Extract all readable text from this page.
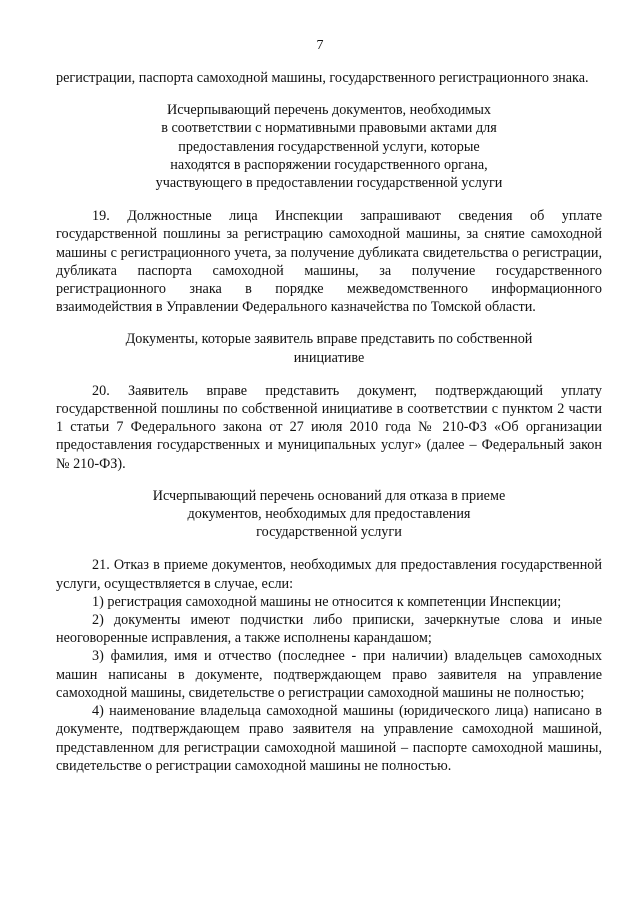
7

регистрации, паспорта самоходной машины, государственного регистрационного знака.

Исчерпывающий перечень документов, необходимых
в соответствии с нормативными правовыми актами для
предоставления государственной услуги, которые
находятся в распоряжении государственного органа,
участвующего в предоставлении государственной услуги

19. Должностные лица Инспекции запрашивают сведения об уплате государственной пошлины за регистрацию самоходной машины, за снятие самоходной машины с регистрационного учета, за получение дубликата свидетельства о регистрации, дубликата паспорта самоходной машины, за получение государственного регистрационного знака в порядке межведомственного информационного взаимодействия в Управлении Федерального казначейства по Томской области.

Документы, которые заявитель вправе представить по собственной
инициативе

20. Заявитель вправе представить документ, подтверждающий уплату государственной пошлины по собственной инициативе в соответствии с пунктом 2 части 1 статьи 7 Федерального закона от 27 июля 2010 года № 210-ФЗ «Об организации предоставления государственных и муниципальных услуг» (далее – Федеральный закон № 210-ФЗ).

Исчерпывающий перечень оснований для отказа в приеме
документов, необходимых для предоставления
государственной услуги

21. Отказ в приеме документов, необходимых для предоставления государственной услуги, осуществляется в случае, если:

1) регистрация самоходной машины не относится к компетенции Инспекции;

2) документы имеют подчистки либо приписки, зачеркнутые слова и иные неоговоренные исправления, а также исполнены карандашом;

3) фамилия, имя и отчество (последнее - при наличии) владельцев самоходных машин написаны в документе, подтверждающем право заявителя на управление самоходной машины, свидетельстве о регистрации самоходной машины не полностью;

4) наименование владельца самоходной машины (юридического лица) написано в документе, подтверждающем право заявителя на управление самоходной машиной, представленном для регистрации самоходной машиной – паспорте самоходной машины, свидетельстве о регистрации самоходной машины не полностью.
